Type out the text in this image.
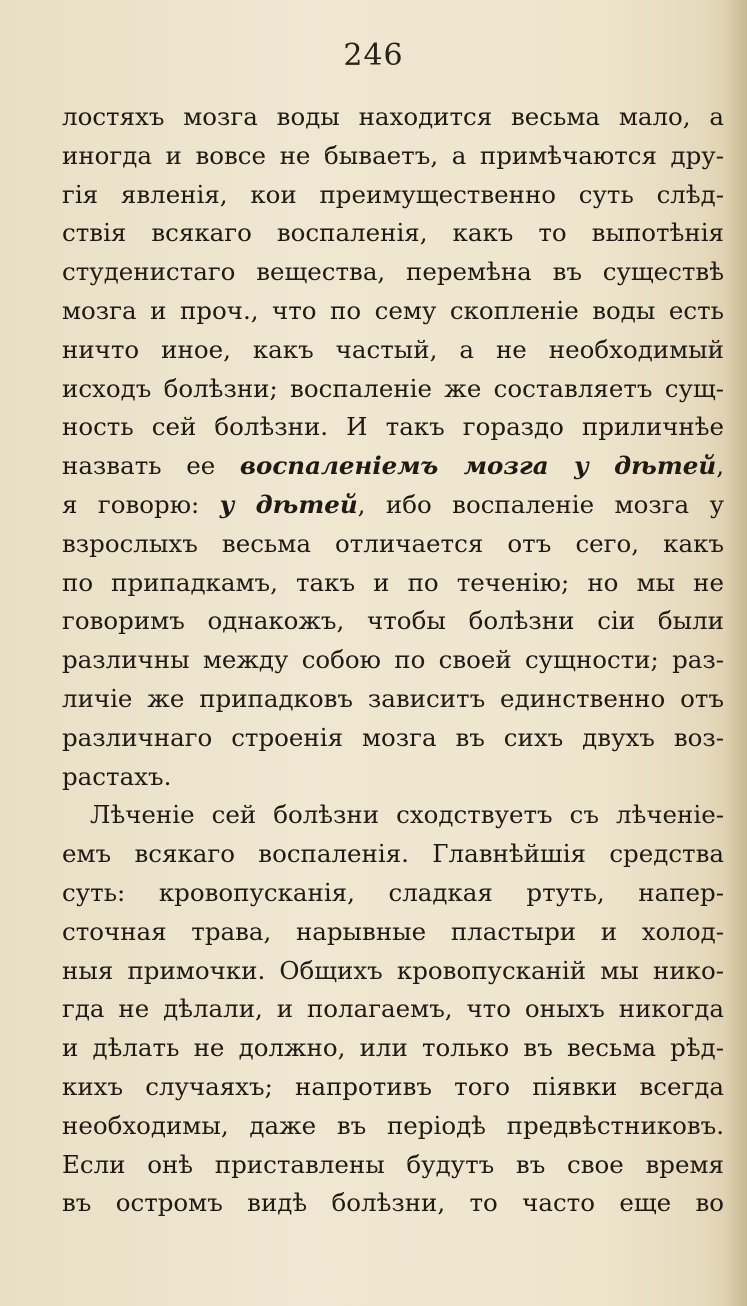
246
лостяхъ мозга воды находится весьма мало, а
иногда и вовсе не бываетъ, а примѣчаются дру-
гія явленія, кои преимущественно суть слѣд-
ствія всякаго воспаленія, какъ то выпотѣнія
студенистаго вещества, перемѣна въ существѣ
мозга и проч., что по сему скопленіе воды есть
ничто иное, какъ частый, а не необходимый
исходъ болѣзни; воспаленіе же составляетъ сущ-
ность сей болѣзни. И такъ гораздо приличнѣе
назвать ее воспаленіемъ мозга у дѣтей,
я говорю: у дѣтей, ибо воспаленіе мозга у
взрослыхъ весьма отличается отъ сего, какъ
по припадкамъ, такъ и по теченію; но мы не
говоримъ однакожъ, чтобы болѣзни сіи были
различны между собою по своей сущности; раз-
личіе же припадковъ зависитъ единственно отъ
различнаго строенія мозга въ сихъ двухъ воз-
растахъ.
Лѣченіе сей болѣзни сходствуетъ съ лѣченіе-
емъ всякаго воспаленія. Главнѣйшія средства
суть: кровопусканія, сладкая ртуть, напер-
сточная трава, нарывные пластыри и холод-
ныя примочки. Общихъ кровопусканій мы нико-
гда не дѣлали, и полагаемъ, что оныхъ никогда
и дѣлать не должно, или только въ весьма рѣд-
кихъ случаяхъ; напротивъ того піявки всегда
необходимы, даже въ періодѣ предвѣстниковъ.
Если онѣ приставлены будутъ въ свое время
въ остромъ видѣ болѣзни, то часто еще во
